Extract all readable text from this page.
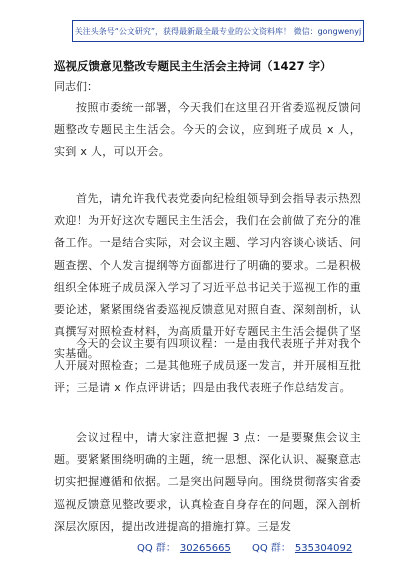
关注头条号“公文研究”，获得最新最全最专业的公文资料库！ 微信：gongwenyj
巡视反馈意见整改专题民主生活会主持词（1427 字）
同志们：
按照市委统一部署，今天我们在这里召开省委巡视反馈问题整改专题民主生活会。今天的会议，应到班子成员 x 人，实到 x 人，可以开会。
首先，请允许我代表党委向纪检组领导到会指导表示热烈欢迎！为开好这次专题民主生活会，我们在会前做了充分的准备工作。一是结合实际，对会议主题、学习内容谈心谈话、问题查摆、个人发言提纲等方面都进行了明确的要求。二是积极组织全体班子成员深入学习了习近平总书记关于巡视工作的重要论述，紧紧围绕省委巡视反馈意见对照自查、深刻剖析，认真撰写对照检查材料，为高质量开好专题民主生活会提供了坚实基础。
今天的会议主要有四项议程：一是由我代表班子并对我个人开展对照检查；二是其他班子成员逐一发言，并开展相互批评；三是请 x 作点评讲话；四是由我代表班子作总结发言。
会议过程中，请大家注意把握 3 点：一是要聚焦会议主题。要紧紧围绕明确的主题，统一思想、深化认识、凝聚意志切实把握遵循和依据。二是突出问题导向。围绕贯彻落实省委巡视反馈意见整改要求，认真检查自身存在的问题，深入剖析深层次原因，提出改进提高的措施打算。三是发
QQ 群： 30265665 QQ 群： 535304092
